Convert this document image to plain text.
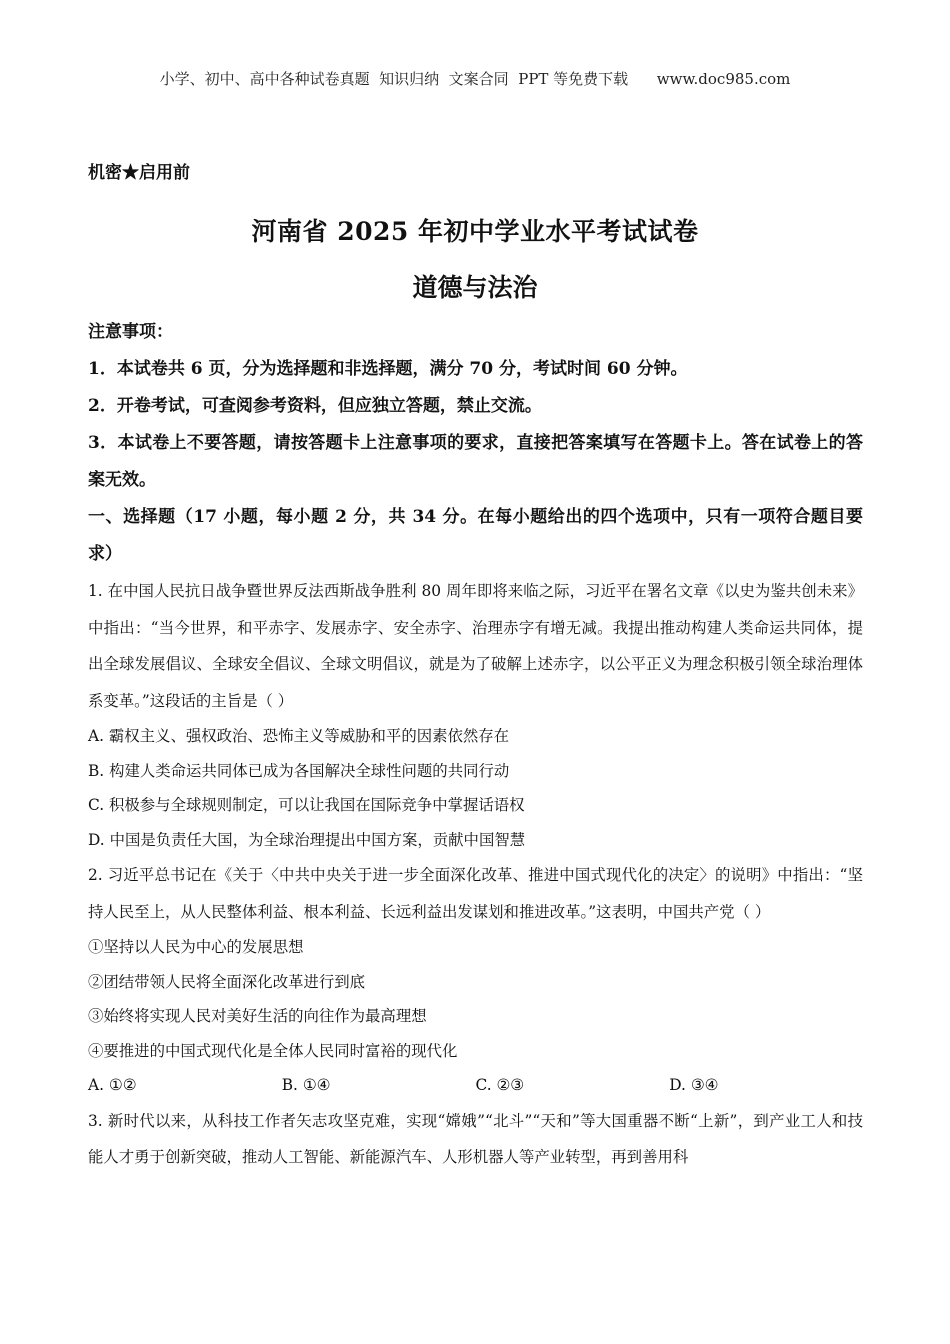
小学、初中、高中各种试卷真题  知识归纳  文案合同  PPT 等免费下载      www.doc985.com
机密★启用前
河南省 2025 年初中学业水平考试试卷
道德与法治
注意事项：
1．本试卷共 6 页，分为选择题和非选择题，满分 70 分，考试时间 60 分钟。
2．开卷考试，可查阅参考资料，但应独立答题，禁止交流。
3．本试卷上不要答题，请按答题卡上注意事项的要求，直接把答案填写在答题卡上。答在试卷上的答案无效。
一、选择题（17 小题，每小题 2 分，共 34 分。在每小题给出的四个选项中，只有一项符合题目要求）
1. 在中国人民抗日战争暨世界反法西斯战争胜利 80 周年即将来临之际，习近平在署名文章《以史为鉴共创未来》中指出：“当今世界，和平赤字、发展赤字、安全赤字、治理赤字有增无减。我提出推动构建人类命运共同体，提出全球发展倡议、全球安全倡议、全球文明倡议，就是为了破解上述赤字，以公平正义为理念积极引领全球治理体系变革。”这段话的主旨是（ ）
A. 霸权主义、强权政治、恐怖主义等威胁和平的因素依然存在
B. 构建人类命运共同体已成为各国解决全球性问题的共同行动
C. 积极参与全球规则制定，可以让我国在国际竞争中掌握话语权
D. 中国是负责任大国，为全球治理提出中国方案，贡献中国智慧
2. 习近平总书记在《关于〈中共中央关于进一步全面深化改革、推进中国式现代化的决定〉的说明》中指出：“坚持人民至上，从人民整体利益、根本利益、长远利益出发谋划和推进改革。”这表明，中国共产党（ ）
①坚持以人民为中心的发展思想
②团结带领人民将全面深化改革进行到底
③始终将实现人民对美好生活的向往作为最高理想
④要推进的中国式现代化是全体人民同时富裕的现代化
A. ①②	B. ①④	C. ②③	D. ③④
3. 新时代以来，从科技工作者矢志攻坚克难，实现“嫦娥”“北斗”“天和”等大国重器不断“上新”，到产业工人和技能人才勇于创新突破，推动人工智能、新能源汽车、人形机器人等产业转型，再到善用科
